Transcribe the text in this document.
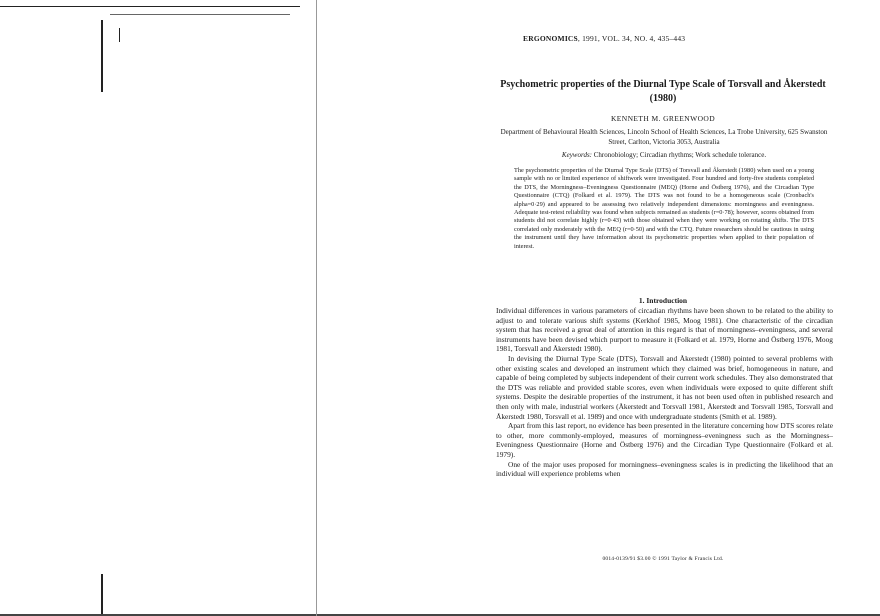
ERGONOMICS, 1991, VOL. 34, NO. 4, 435–443
Psychometric properties of the Diurnal Type Scale of Torsvall and Åkerstedt (1980)
KENNETH M. GREENWOOD
Department of Behavioural Health Sciences, Lincoln School of Health Sciences, La Trobe University, 625 Swanston Street, Carlton, Victoria 3053, Australia
Keywords: Chronobiology; Circadian rhythms; Work schedule tolerance.
The psychometric properties of the Diurnal Type Scale (DTS) of Torsvall and Åkerstedt (1980) when used on a young sample with no or limited experience of shiftwork were investigated. Four hundred and forty-five students completed the DTS, the Morningness–Eveningness Questionnaire (MEQ) (Horne and Östberg 1976), and the Circadian Type Questionnaire (CTQ) (Folkard et al. 1979). The DTS was not found to be a homogeneous scale (Cronbach's alpha=0·29) and appeared to be assessing two relatively independent dimensions: morningness and eveningness. Adequate test-retest reliability was found when subjects remained as students (r=0·78); however, scores obtained from students did not correlate highly (r=0·43) with those obtained when they were working on rotating shifts. The DTS correlated only moderately with the MEQ (r=0·50) and with the CTQ. Future researchers should be cautious in using the instrument until they have information about its psychometric properties when applied to their population of interest.
1. Introduction

Individual differences in various parameters of circadian rhythms have been shown to be related to the ability to adjust to and tolerate various shift systems (Kerkhof 1985, Moog 1981). One characteristic of the circadian system that has received a great deal of attention in this regard is that of morningness–eveningness, and several instruments have been devised which purport to measure it (Folkard et al. 1979, Horne and Östberg 1976, Moog 1981, Torsvall and Åkerstedt 1980).

In devising the Diurnal Type Scale (DTS), Torsvall and Åkerstedt (1980) pointed to several problems with other existing scales and developed an instrument which they claimed was brief, homogeneous in nature, and capable of being completed by subjects independent of their current work schedules. They also demonstrated that the DTS was reliable and provided stable scores, even when individuals were exposed to quite different shift systems. Despite the desirable properties of the instrument, it has not been used often in published research and then only with male, industrial workers (Åkerstedt and Torsvall 1981, Åkerstedt and Torsvall 1985, Torsvall and Åkerstedt 1980, Torsvall et al. 1989) and once with undergraduate students (Smith et al. 1989).

Apart from this last report, no evidence has been presented in the literature concerning how DTS scores relate to other, more commonly-employed, measures of morningness–eveningness such as the Morningness–Eveningness Questionnaire (Horne and Östberg 1976) and the Circadian Type Questionnaire (Folkard et al. 1979).

One of the major uses proposed for morningness–eveningness scales is in predicting the likelihood that an individual will experience problems when

0014-0139/91 $3.00 © 1991 Taylor & Francis Ltd.
